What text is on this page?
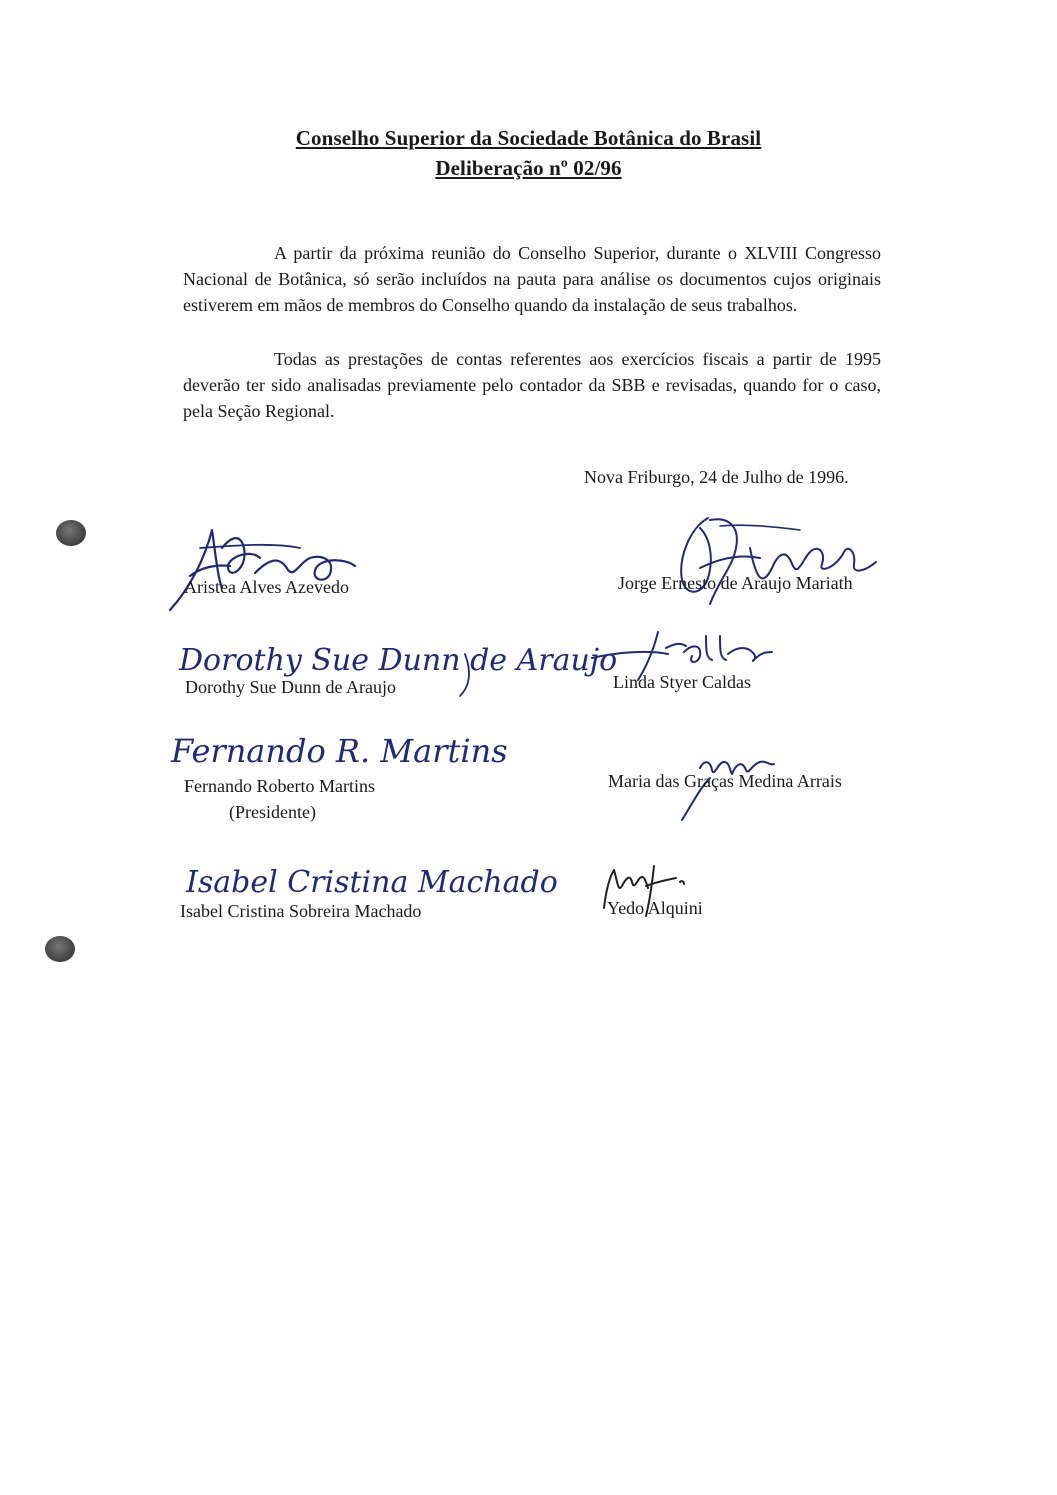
Conselho Superior da Sociedade Botânica do Brasil
Deliberação nº 02/96

A partir da próxima reunião do Conselho Superior, durante o XLVIII Congresso Nacional de Botânica, só serão incluídos na pauta para análise os documentos cujos originais estiverem em mãos de membros do Conselho quando da instalação de seus trabalhos.

Todas as prestações de contas referentes aos exercícios fiscais a partir de 1995 deverão ter sido analisadas previamente pelo contador da SBB e revisadas, quando for o caso, pela Seção Regional.

Nova Friburgo, 24 de Julho de 1996.
Dorothy Sue Dunn de Araujo
Fernando R. Martins
Isabel Cristina Machado
Aristea Alves Azevedo
Dorothy Sue Dunn de Araujo
Fernando Roberto Martins
(Presidente)
Isabel Cristina Sobreira Machado
Jorge Ernesto de Araujo Mariath
Linda Styer Caldas
Maria das Graças Medina Arrais
Yedo Alquini
